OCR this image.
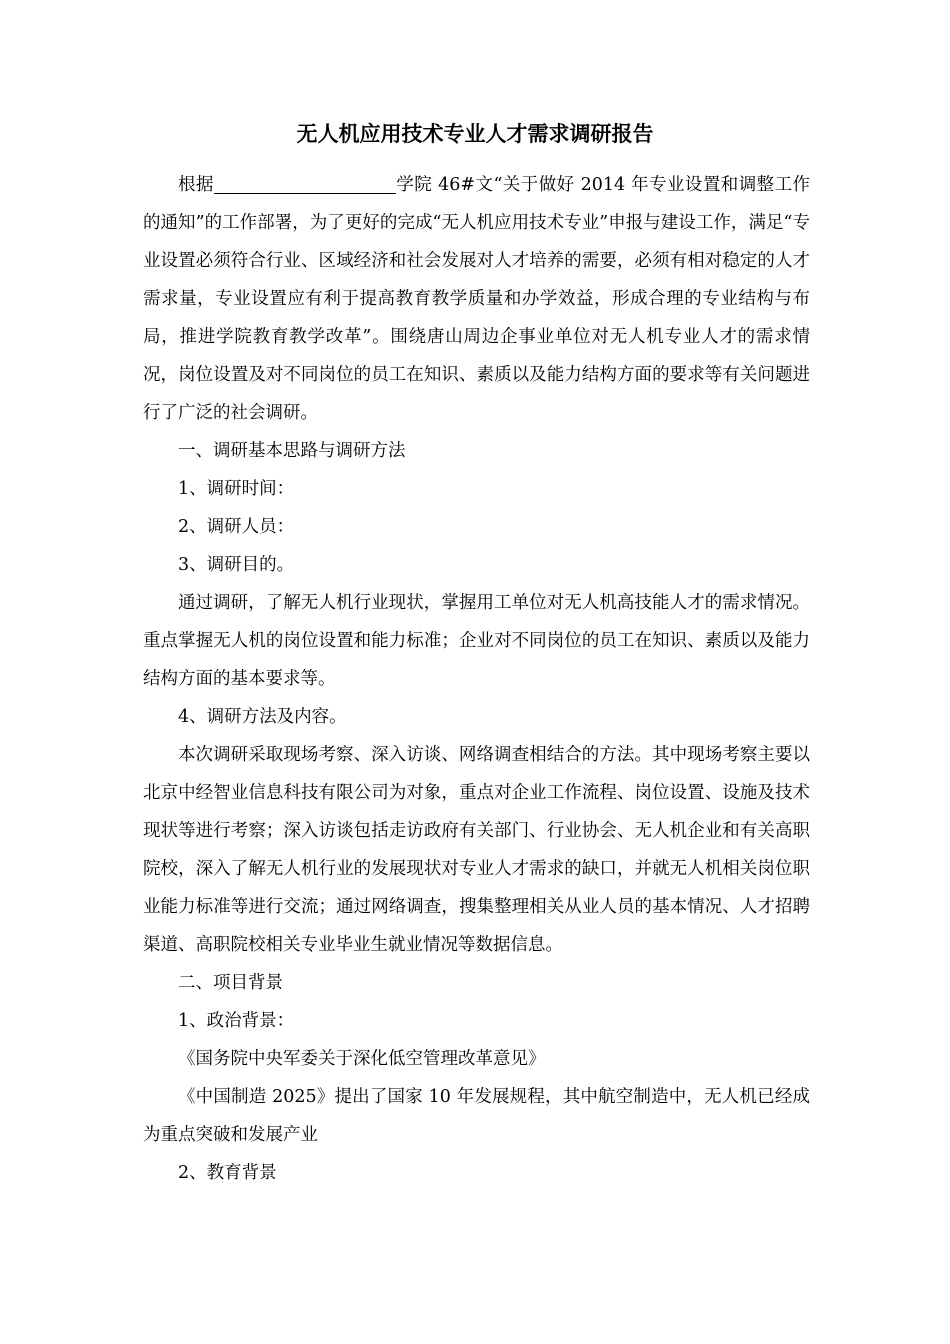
无人机应用技术专业人才需求调研报告

根据	学院 46#文“关于做好 2014 年专业设置和调整工作的通知”的工作部署，为了更好的完成“无人机应用技术专业”申报与建设工作，满足“专业设置必须符合行业、区域经济和社会发展对人才培养的需要，必须有相对稳定的人才需求量，专业设置应有利于提高教育教学质量和办学效益，形成合理的专业结构与布局，推进学院教育教学改革”。围绕唐山周边企事业单位对无人机专业人才的需求情况，岗位设置及对不同岗位的员工在知识、素质以及能力结构方面的要求等有关问题进行了广泛的社会调研。

一、调研基本思路与调研方法

1、调研时间：

2、调研人员：

3、调研目的。

通过调研，了解无人机行业现状，掌握用工单位对无人机高技能人才的需求情况。重点掌握无人机的岗位设置和能力标准；企业对不同岗位的员工在知识、素质以及能力结构方面的基本要求等。

4、调研方法及内容。

本次调研采取现场考察、深入访谈、网络调查相结合的方法。其中现场考察主要以北京中经智业信息科技有限公司为对象，重点对企业工作流程、岗位设置、设施及技术现状等进行考察；深入访谈包括走访政府有关部门、行业协会、无人机企业和有关高职院校，深入了解无人机行业的发展现状对专业人才需求的缺口，并就无人机相关岗位职业能力标准等进行交流；通过网络调查，搜集整理相关从业人员的基本情况、人才招聘渠道、高职院校相关专业毕业生就业情况等数据信息。

二、项目背景

1、政治背景：

《国务院中央军委关于深化低空管理改革意见》

《中国制造 2025》提出了国家 10 年发展规程，其中航空制造中，无人机已经成为重点突破和发展产业

2、教育背景
